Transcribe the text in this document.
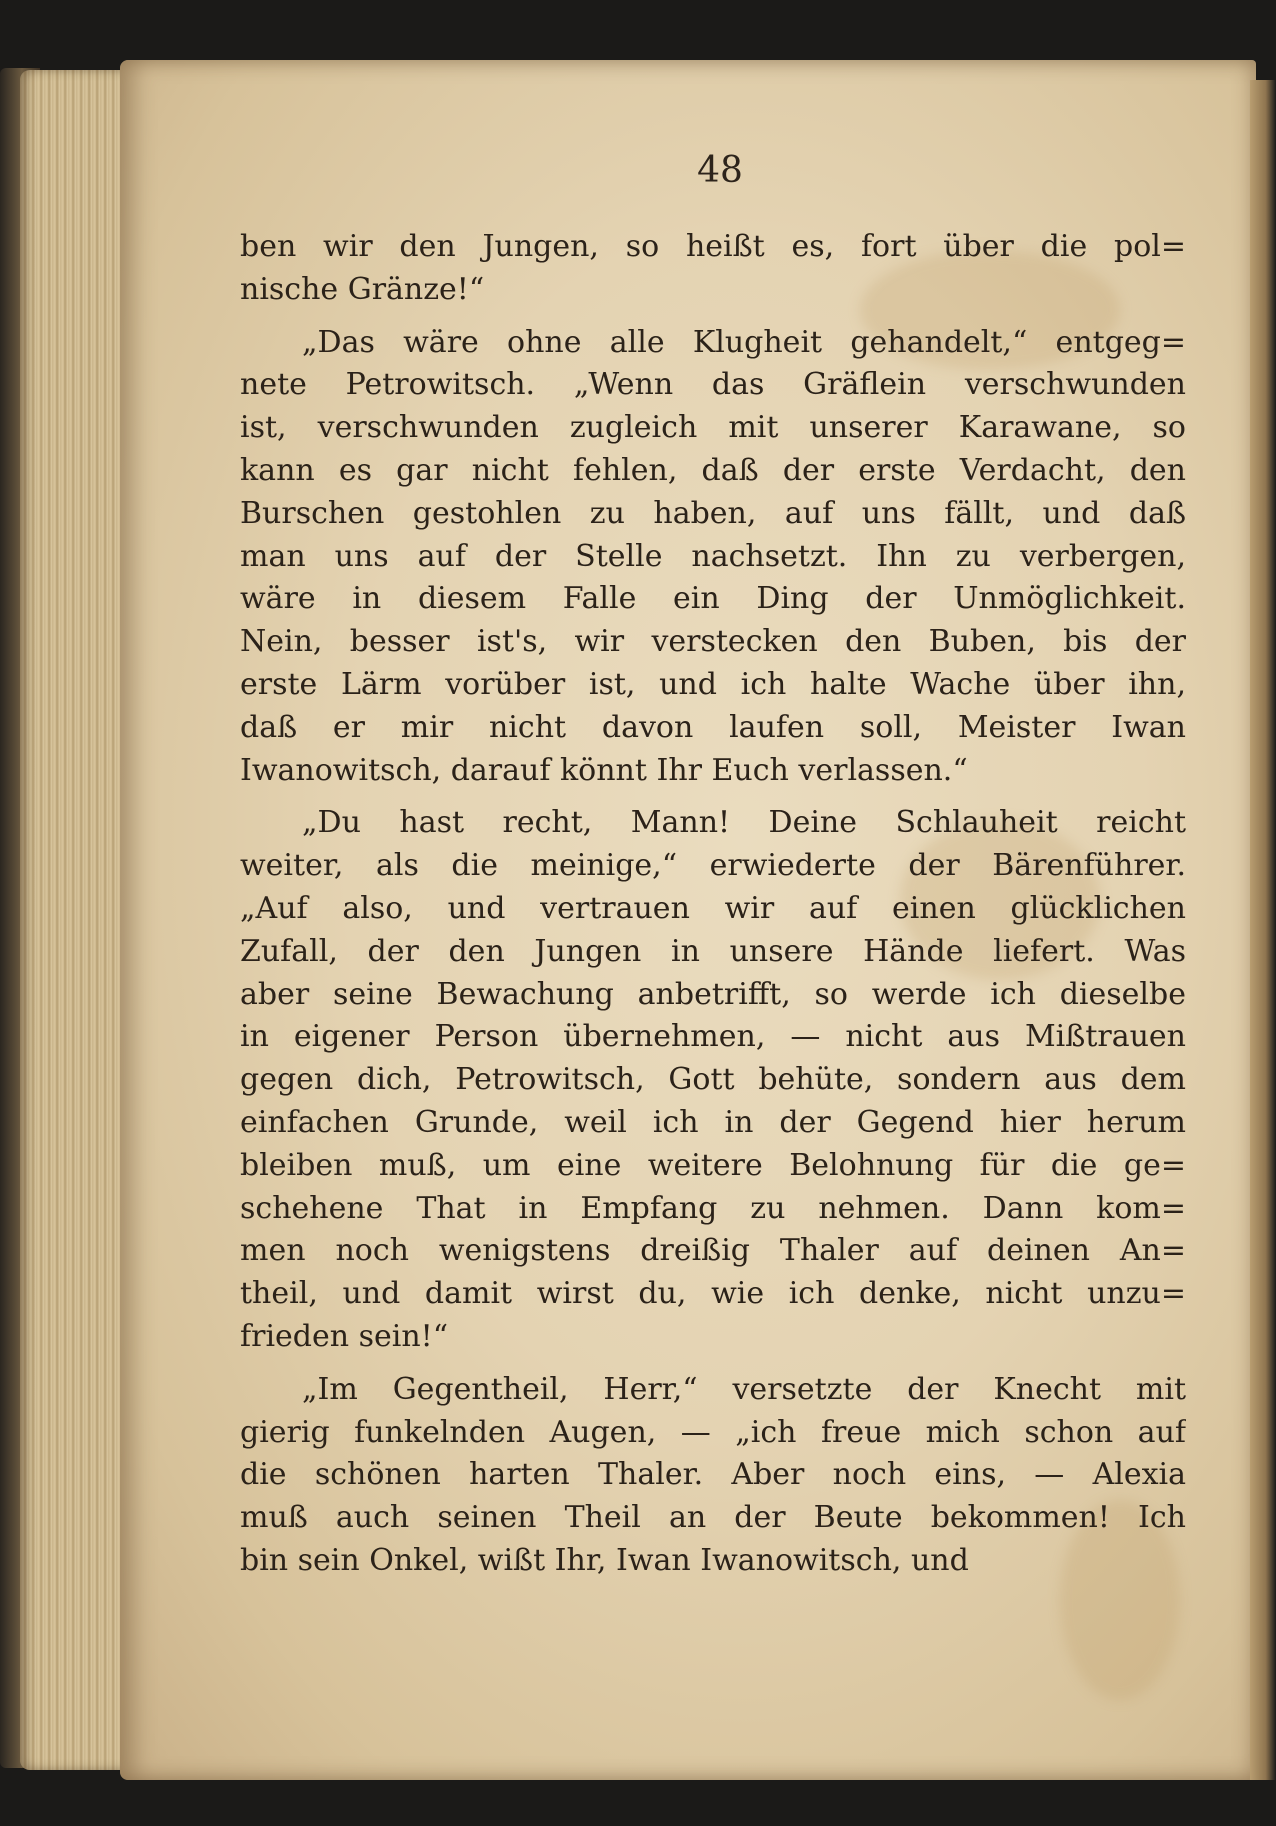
48
ben wir den Jungen, so heißt es, fort über die pol=
nische Gränze!“
„Das wäre ohne alle Klugheit gehandelt,“ entgeg=
nete Petrowitsch. „Wenn das Gräflein verschwunden
ist, verschwunden zugleich mit unserer Karawane, so
kann es gar nicht fehlen, daß der erste Verdacht, den
Burschen gestohlen zu haben, auf uns fällt, und daß
man uns auf der Stelle nachsetzt. Ihn zu verbergen,
wäre in diesem Falle ein Ding der Unmöglichkeit.
Nein, besser ist's, wir verstecken den Buben, bis der
erste Lärm vorüber ist, und ich halte Wache über ihn,
daß er mir nicht davon laufen soll, Meister Iwan
Iwanowitsch, darauf könnt Ihr Euch verlassen.“
„Du hast recht, Mann! Deine Schlauheit reicht
weiter, als die meinige,“ erwiederte der Bärenführer.
„Auf also, und vertrauen wir auf einen glücklichen
Zufall, der den Jungen in unsere Hände liefert. Was
aber seine Bewachung anbetrifft, so werde ich dieselbe
in eigener Person übernehmen, — nicht aus Mißtrauen
gegen dich, Petrowitsch, Gott behüte, sondern aus dem
einfachen Grunde, weil ich in der Gegend hier herum
bleiben muß, um eine weitere Belohnung für die ge=
schehene That in Empfang zu nehmen. Dann kom=
men noch wenigstens dreißig Thaler auf deinen An=
theil, und damit wirst du, wie ich denke, nicht unzu=
frieden sein!“
„Im Gegentheil, Herr,“ versetzte der Knecht mit
gierig funkelnden Augen, — „ich freue mich schon auf
die schönen harten Thaler. Aber noch eins, — Alexia
muß auch seinen Theil an der Beute bekommen! Ich
bin sein Onkel, wißt Ihr, Iwan Iwanowitsch, und
